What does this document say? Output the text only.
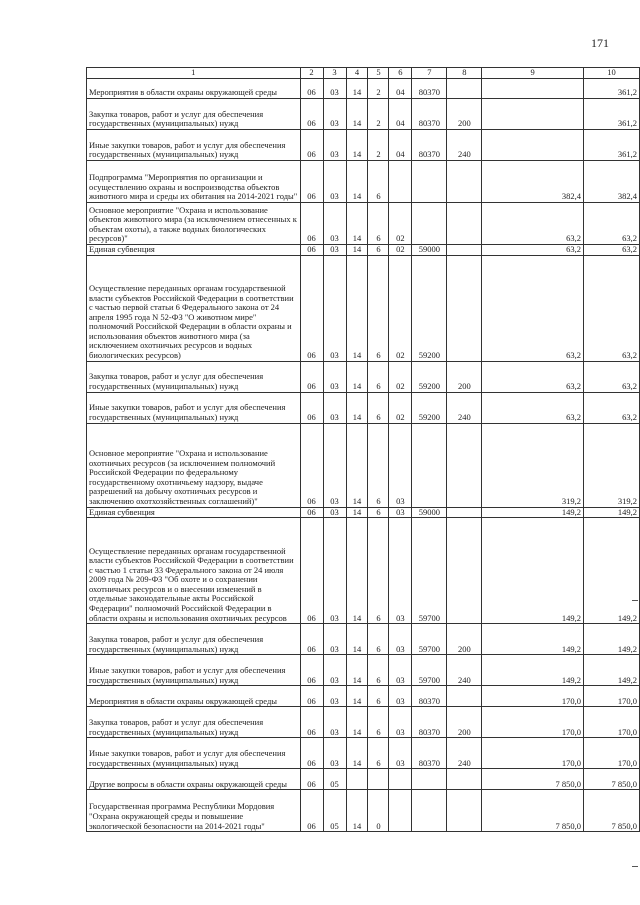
171
1	2	3	4	5	6	7	8	9	10
Мероприятия в области охраны окружающей среды	06	03	14	2	04	80370			361,2
Закупка товаров, работ и услуг для обеспечения государственных (муниципальных) нужд	06	03	14	2	04	80370	200		361,2
Иные закупки товаров, работ и услуг для обеспечения государственных (муниципальных) нужд	06	03	14	2	04	80370	240		361,2
Подпрограмма "Мероприятия по организации и осуществлению охраны и воспроизводства объектов животного мира и среды их обитания на 2014-2021 годы"	06	03	14	6				382,4	382,4
Основное мероприятие "Охрана и использование объектов животного мира (за исключением отнесенных к объектам охоты), а также водных биологических ресурсов)"	06	03	14	6	02			63,2	63,2
Единая субвенция	06	03	14	6	02	59000		63,2	63,2
Осуществление переданных органам государственной власти субъектов Российской Федерации в соответствии с частью первой статьи 6 Федерального закона от 24 апреля 1995 года N 52-ФЗ "О животном мире" полномочий Российской Федерации в области охраны и использования объектов животного мира (за исключением охотничьих ресурсов и водных биологических ресурсов)	06	03	14	6	02	59200		63,2	63,2
Закупка товаров, работ и услуг для обеспечения государственных (муниципальных) нужд	06	03	14	6	02	59200	200	63,2	63,2
Иные закупки товаров, работ и услуг для обеспечения государственных (муниципальных) нужд	06	03	14	6	02	59200	240	63,2	63,2
Основное мероприятие "Охрана и использование охотничьих ресурсов (за исключением полномочий Российской Федерации по федеральному государственному охотничьему надзору, выдаче разрешений на добычу охотничьих ресурсов и заключению охотхозяйственных соглашений)"	06	03	14	6	03			319,2	319,2
Единая субвенция	06	03	14	6	03	59000		149,2	149,2
Осуществление переданных органам государственной власти субъектов Российской Федерации в соответствии с частью 1 статьи 33 Федерального закона от 24 июля 2009 года № 209-ФЗ "Об охоте и о сохранении охотничьих ресурсов и о внесении изменений в отдельные законодательные акты Российской Федерации" полномочий Российской Федерации в области охраны и использования охотничьих ресурсов	06	03	14	6	03	59700		149,2	149,2
Закупка товаров, работ и услуг для обеспечения государственных (муниципальных) нужд	06	03	14	6	03	59700	200	149,2	149,2
Иные закупки товаров, работ и услуг для обеспечения государственных (муниципальных) нужд	06	03	14	6	03	59700	240	149,2	149,2
Мероприятия в области охраны окружающей среды	06	03	14	6	03	80370		170,0	170,0
Закупка товаров, работ и услуг для обеспечения государственных (муниципальных) нужд	06	03	14	6	03	80370	200	170,0	170,0
Иные закупки товаров, работ и услуг для обеспечения государственных (муниципальных) нужд	06	03	14	6	03	80370	240	170,0	170,0
Другие вопросы в области охраны окружающей среды	06	05						7 850,0	7 850,0
Государственная программа Республики Мордовия "Охрана окружающей среды и повышение экологической безопасности на 2014-2021 годы"	06	05	14	0				7 850,0	7 850,0
